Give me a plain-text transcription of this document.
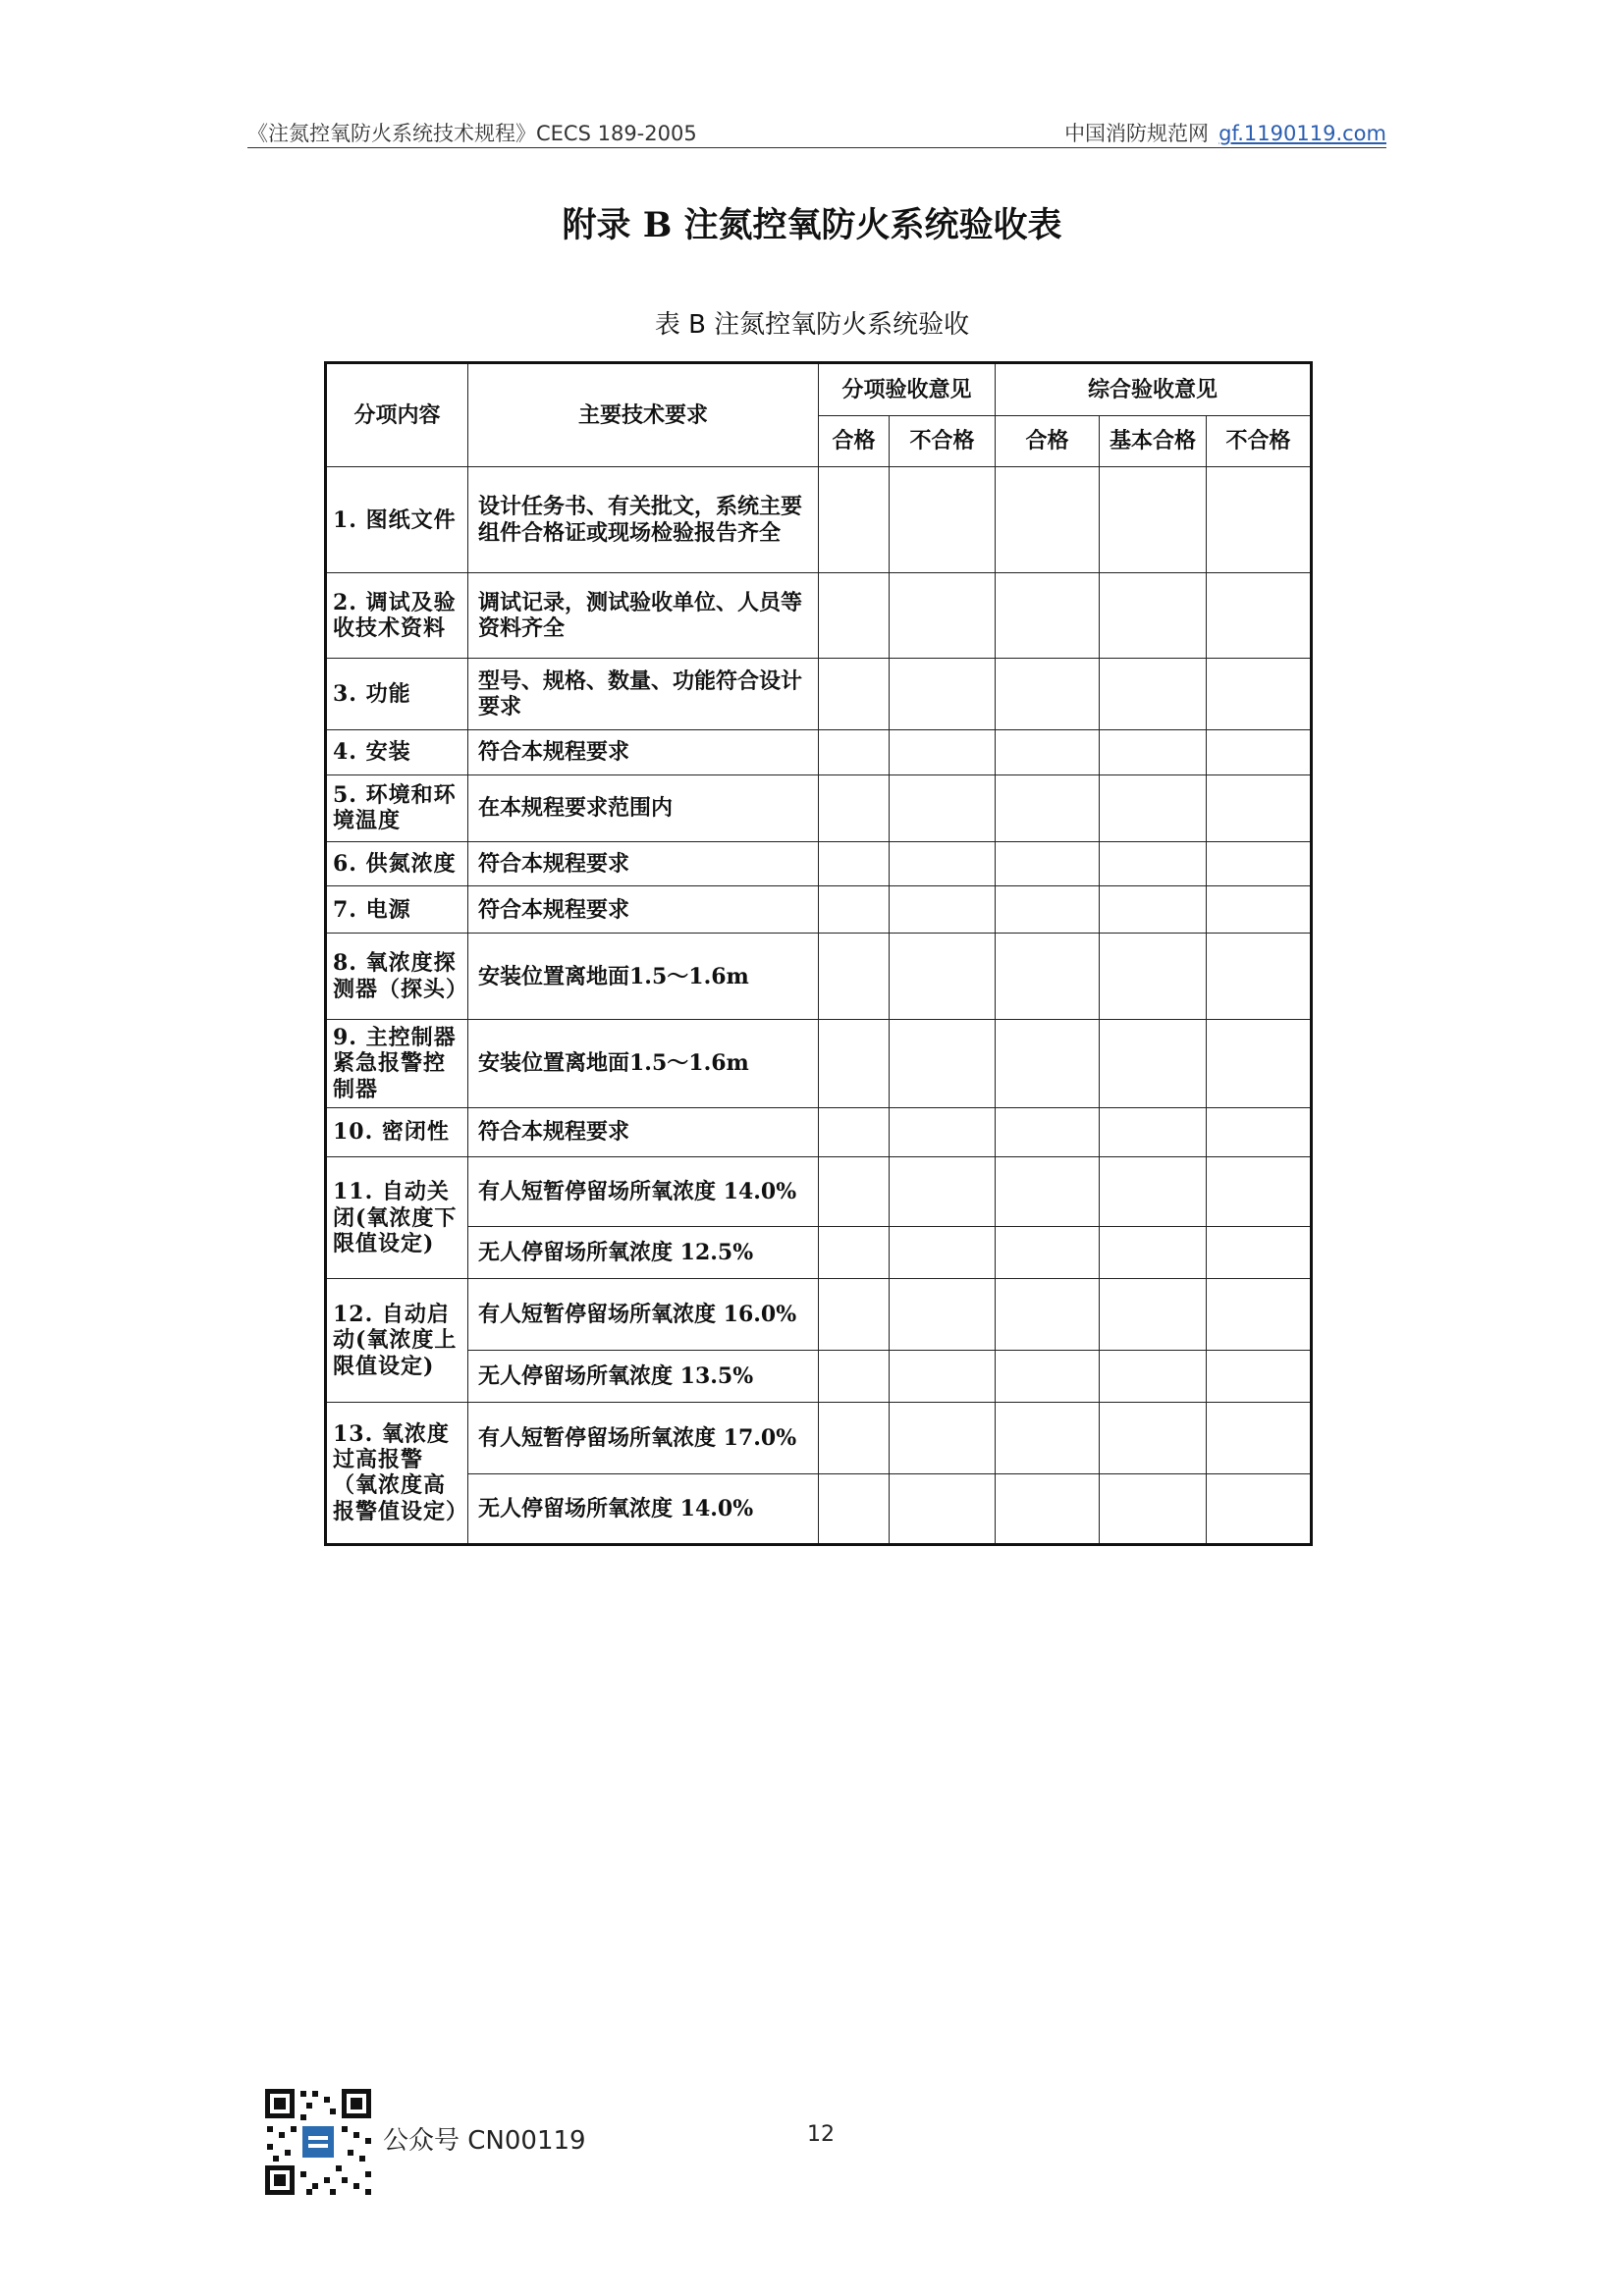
《注氮控氧防火系统技术规程》CECS 189-2005	中国消防规范网 gf.1190119.com
附录 B 注氮控氧防火系统验收表
表 B 注氮控氧防火系统验收
分项内容	主要技术要求	分项验收意见		综合验收意见		
		合格	不合格	合格	基本合格	不合格
1. 图纸文件	设计任务书、有关批文，系统主要组件合格证或现场检验报告齐全					
2. 调试及验收技术资料	调试记录，测试验收单位、人员等资料齐全					
3. 功能	型号、规格、数量、功能符合设计要求					
4. 安装	符合本规程要求					
5. 环境和环境温度	在本规程要求范围内					
6. 供氮浓度	符合本规程要求					
7. 电源	符合本规程要求					
8. 氧浓度探测器（探头）	安装位置离地面1.5～1.6m					
9. 主控制器紧急报警控制器	安装位置离地面1.5～1.6m					
10. 密闭性	符合本规程要求					
11. 自动关闭(氧浓度下限值设定)	有人短暂停留场所氧浓度 14.0%					
	无人停留场所氧浓度 12.5%					
12. 自动启动(氧浓度上限值设定)	有人短暂停留场所氧浓度 16.0%					
	无人停留场所氧浓度 13.5%					
13. 氧浓度过高报警（氧浓度高报警值设定）	有人短暂停留场所氧浓度 17.0%					
	无人停留场所氧浓度 14.0%					
公众号 CN00119	12
